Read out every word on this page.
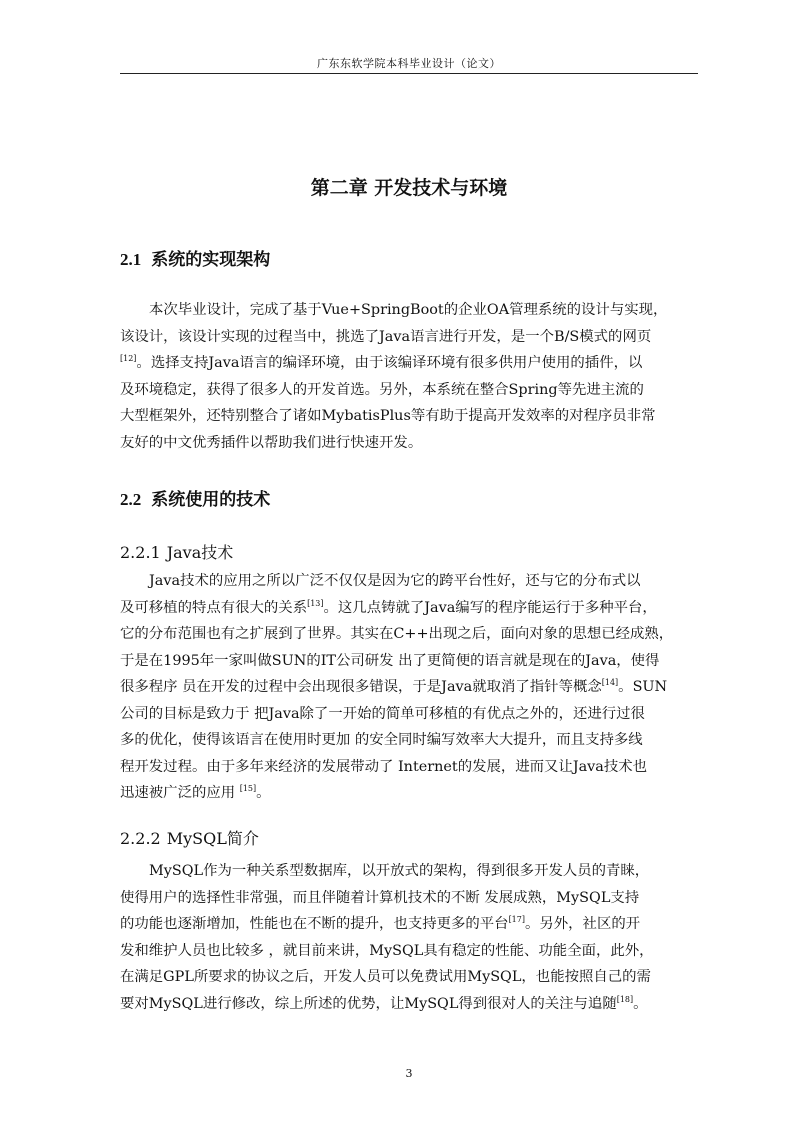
广东东软学院本科毕业设计（论文）
第二章 开发技术与环境
2.1 系统的实现架构
本次毕业设计，完成了基于Vue+SpringBoot的企业OA管理系统的设计与实现，
该设计，该设计实现的过程当中，挑选了Java语言进行开发，是一个B/S模式的网页
[12]。选择支持Java语言的编译环境，由于该编译环境有很多供用户使用的插件，以
及环境稳定，获得了很多人的开发首选。另外，本系统在整合Spring等先进主流的
大型框架外，还特别整合了诸如MybatisPlus等有助于提高开发效率的对程序员非常
友好的中文优秀插件以帮助我们进行快速开发。
2.2 系统使用的技术
2.2.1 Java技术
Java技术的应用之所以广泛不仅仅是因为它的跨平台性好，还与它的分布式以
及可移植的特点有很大的关系[13]。这几点铸就了Java编写的程序能运行于多种平台，
它的分布范围也有之扩展到了世界。其实在C++出现之后，面向对象的思想已经成熟，
于是在1995年一家叫做SUN的IT公司研发 出了更简便的语言就是现在的Java，使得
很多程序 员在开发的过程中会出现很多错误，于是Java就取消了指针等概念[14]。SUN
公司的目标是致力于 把Java除了一开始的简单可移植的有优点之外的，还进行过很
多的优化，使得该语言在使用时更加 的安全同时编写效率大大提升，而且支持多线
程开发过程。由于多年来经济的发展带动了 Internet的发展，进而又让Java技术也
迅速被广泛的应用 [15]。
2.2.2 MySQL简介
MySQL作为一种关系型数据库，以开放式的架构，得到很多开发人员的青睐，
使得用户的选择性非常强，而且伴随着计算机技术的不断 发展成熟，MySQL支持
的功能也逐渐增加，性能也在不断的提升，也支持更多的平台[17]。另外，社区的开
发和维护人员也比较多 ，就目前来讲，MySQL具有稳定的性能、功能全面，此外，
在满足GPL所要求的协议之后，开发人员可以免费试用MySQL，也能按照自己的需
要对MySQL进行修改，综上所述的优势，让MySQL得到很对人的关注与追随[18]。
3
